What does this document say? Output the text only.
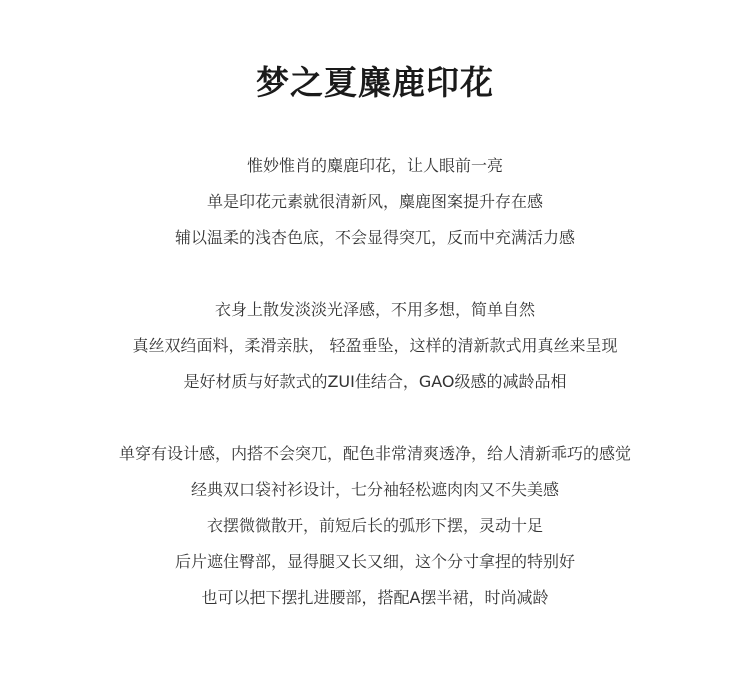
梦之夏麋鹿印花

惟妙惟肖的麋鹿印花，让人眼前一亮

单是印花元素就很清新风，麋鹿图案提升存在感

辅以温柔的浅杏色底，不会显得突兀，反而中充满活力感

衣身上散发淡淡光泽感，不用多想，简单自然

真丝双绉面料，柔滑亲肤， 轻盈垂坠，这样的清新款式用真丝来呈现

是好材质与好款式的ZUI佳结合，GAO级感的减龄品相

单穿有设计感，内搭不会突兀，配色非常清爽透净，给人清新乖巧的感觉

经典双口袋衬衫设计，七分袖轻松遮肉肉又不失美感

衣摆微微散开，前短后长的弧形下摆，灵动十足

后片遮住臀部，显得腿又长又细，这个分寸拿捏的特别好

也可以把下摆扎进腰部，搭配A摆半裙，时尚减龄
